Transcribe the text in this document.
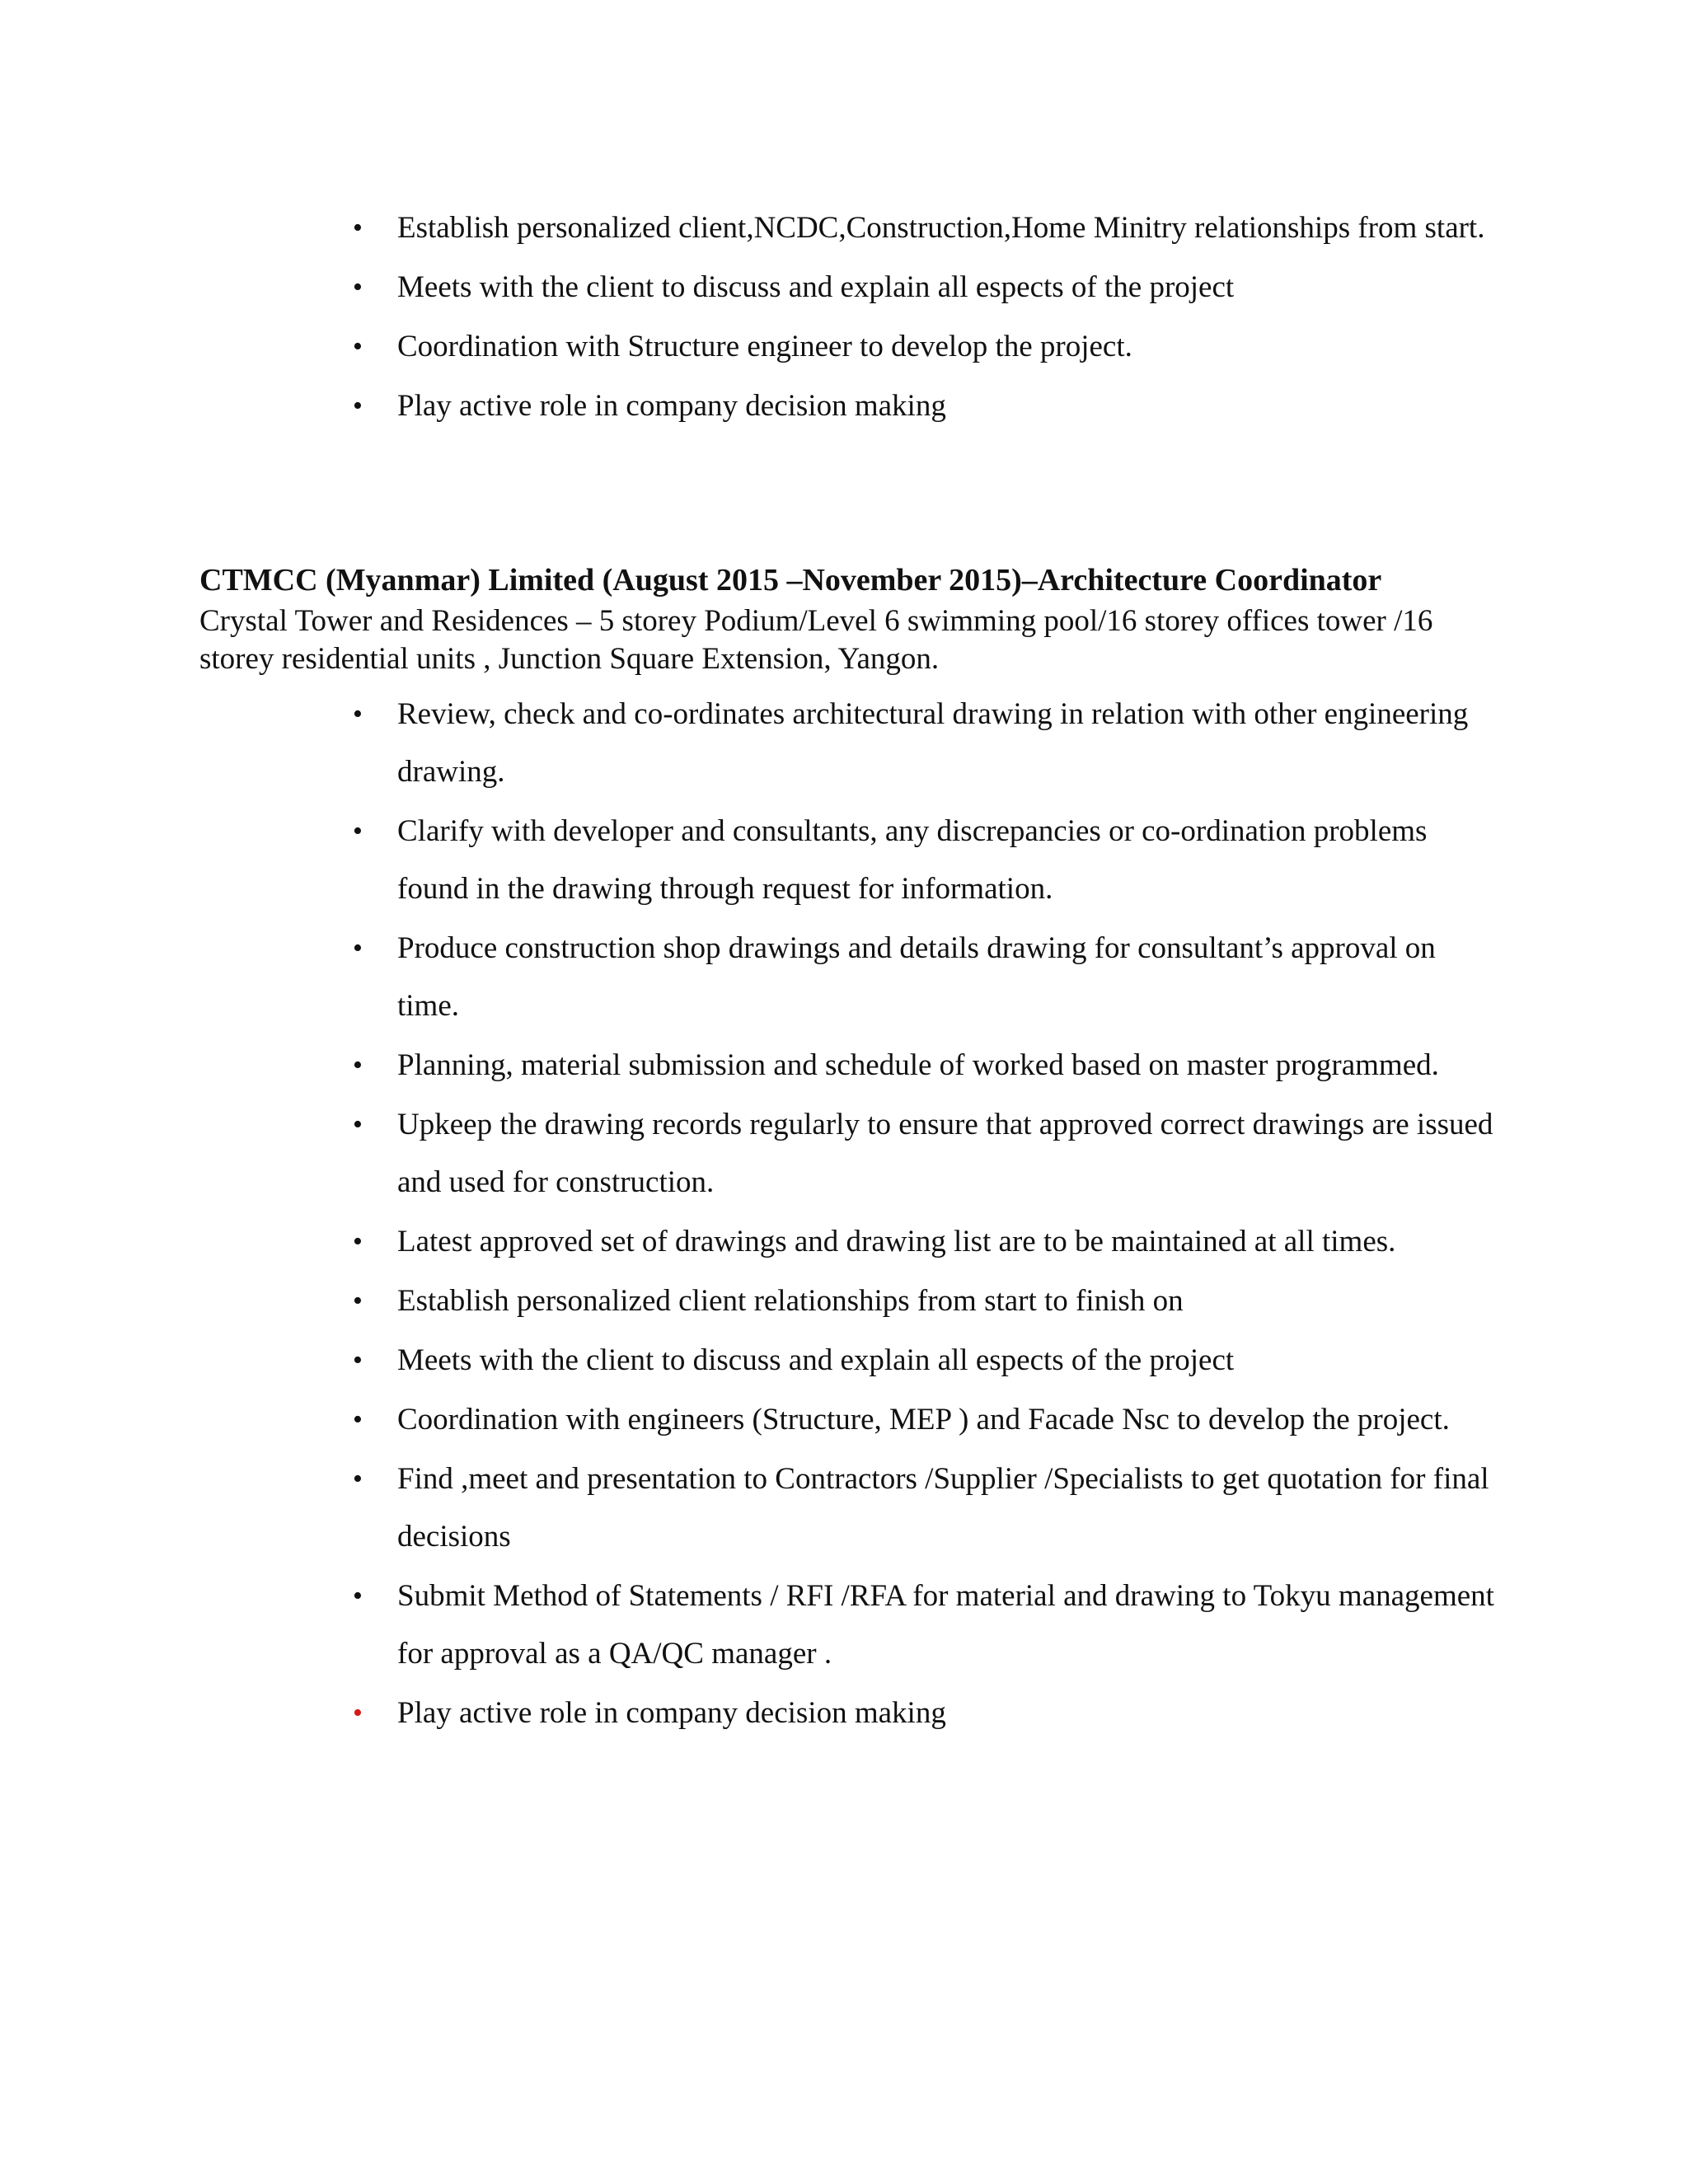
• Establish personalized client,NCDC,Construction,Home Minitry relationships from start.
• Meets with the client to discuss and explain all espects of the project
• Coordination with Structure engineer to develop the project.
• Play active role in company decision making
CTMCC (Myanmar) Limited (August 2015 –November 2015)–Architecture Coordinator
Crystal Tower and Residences – 5 storey Podium/Level 6 swimming pool/16 storey offices tower /16 storey residential units , Junction Square Extension, Yangon.
• Review, check and co-ordinates architectural drawing in relation with other engineering drawing.
• Clarify with developer and consultants, any discrepancies or co-ordination problems found in the drawing through request for information.
• Produce construction shop drawings and details drawing for consultant’s approval on time.
• Planning, material submission and schedule of worked based on master programmed.
• Upkeep the drawing records regularly to ensure that approved correct drawings are issued and used for construction.
• Latest approved set of drawings and drawing list are to be maintained at all times.
• Establish personalized client relationships from start to finish on
• Meets with the client to discuss and explain all espects of the project
• Coordination with engineers (Structure, MEP ) and Facade Nsc to develop the project.
• Find ,meet and presentation to Contractors /Supplier /Specialists to get quotation for final decisions
• Submit Method of Statements / RFI /RFA for material and drawing to Tokyu management for approval as a QA/QC manager .
• Play active role in company decision making
